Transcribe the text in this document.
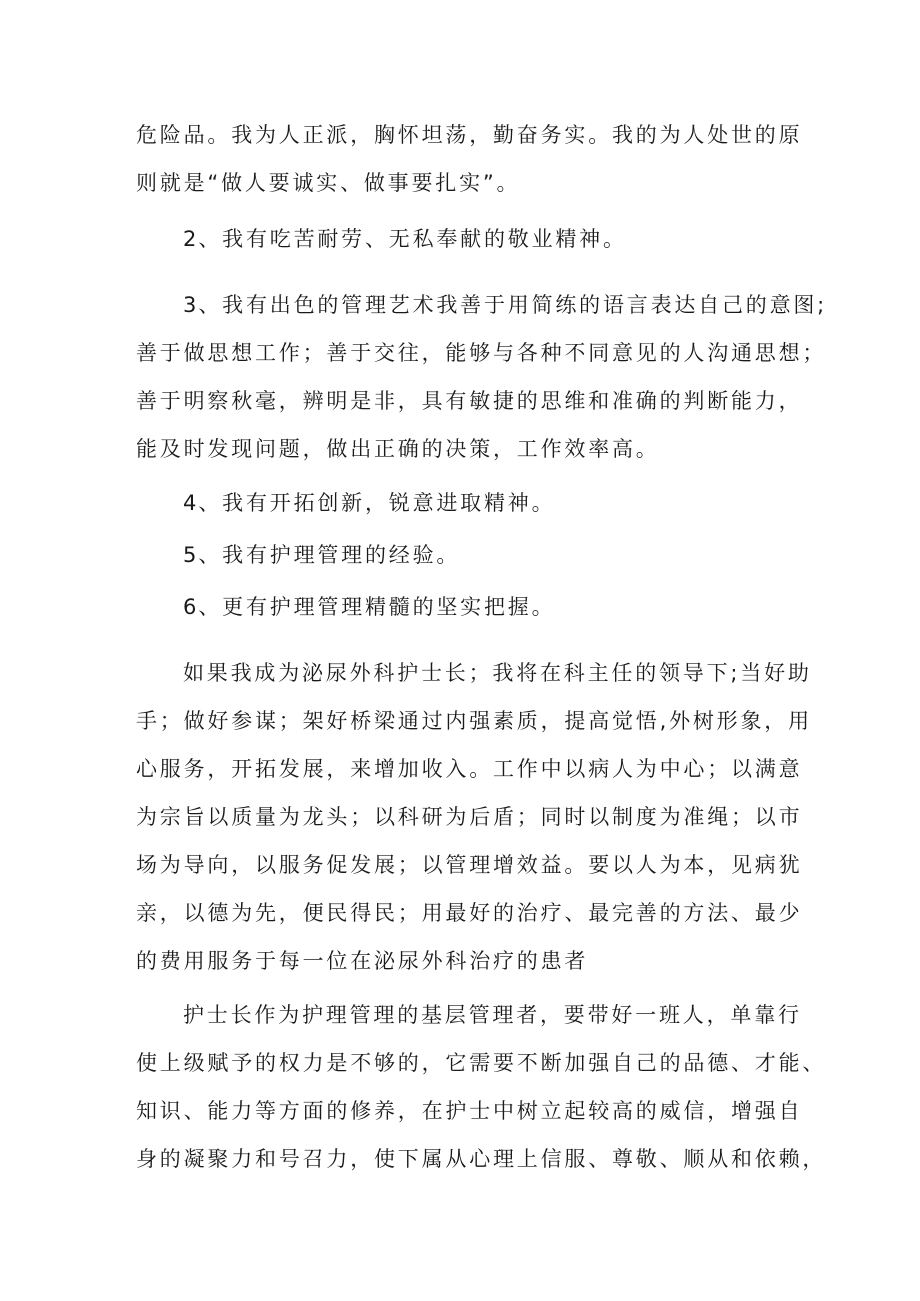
危险品。我为人正派，胸怀坦荡，勤奋务实。我的为人处世的原
则就是“做人要诚实、做事要扎实”。
2、我有吃苦耐劳、无私奉献的敬业精神。
3、我有出色的管理艺术我善于用简练的语言表达自己的意图;
善于做思想工作；善于交往，能够与各种不同意见的人沟通思想；
善于明察秋毫，辨明是非，具有敏捷的思维和准确的判断能力，
能及时发现问题，做出正确的决策，工作效率高。
4、我有开拓创新，锐意进取精神。
5、我有护理管理的经验。
6、更有护理管理精髓的坚实把握。
如果我成为泌尿外科护士长；我将在科主任的领导下;当好助
手；做好参谋；架好桥梁通过内强素质，提高觉悟,外树形象，用
心服务，开拓发展，来增加收入。工作中以病人为中心；以满意
为宗旨以质量为龙头；以科研为后盾；同时以制度为准绳；以市
场为导向，以服务促发展；以管理增效益。要以人为本，见病犹
亲，以德为先，便民得民；用最好的治疗、最完善的方法、最少
的费用服务于每一位在泌尿外科治疗的患者
护士长作为护理管理的基层管理者，要带好一班人，单靠行
使上级赋予的权力是不够的，它需要不断加强自己的品德、才能、
知识、能力等方面的修养，在护士中树立起较高的威信，增强自
身的凝聚力和号召力，使下属从心理上信服、尊敬、顺从和依赖，
